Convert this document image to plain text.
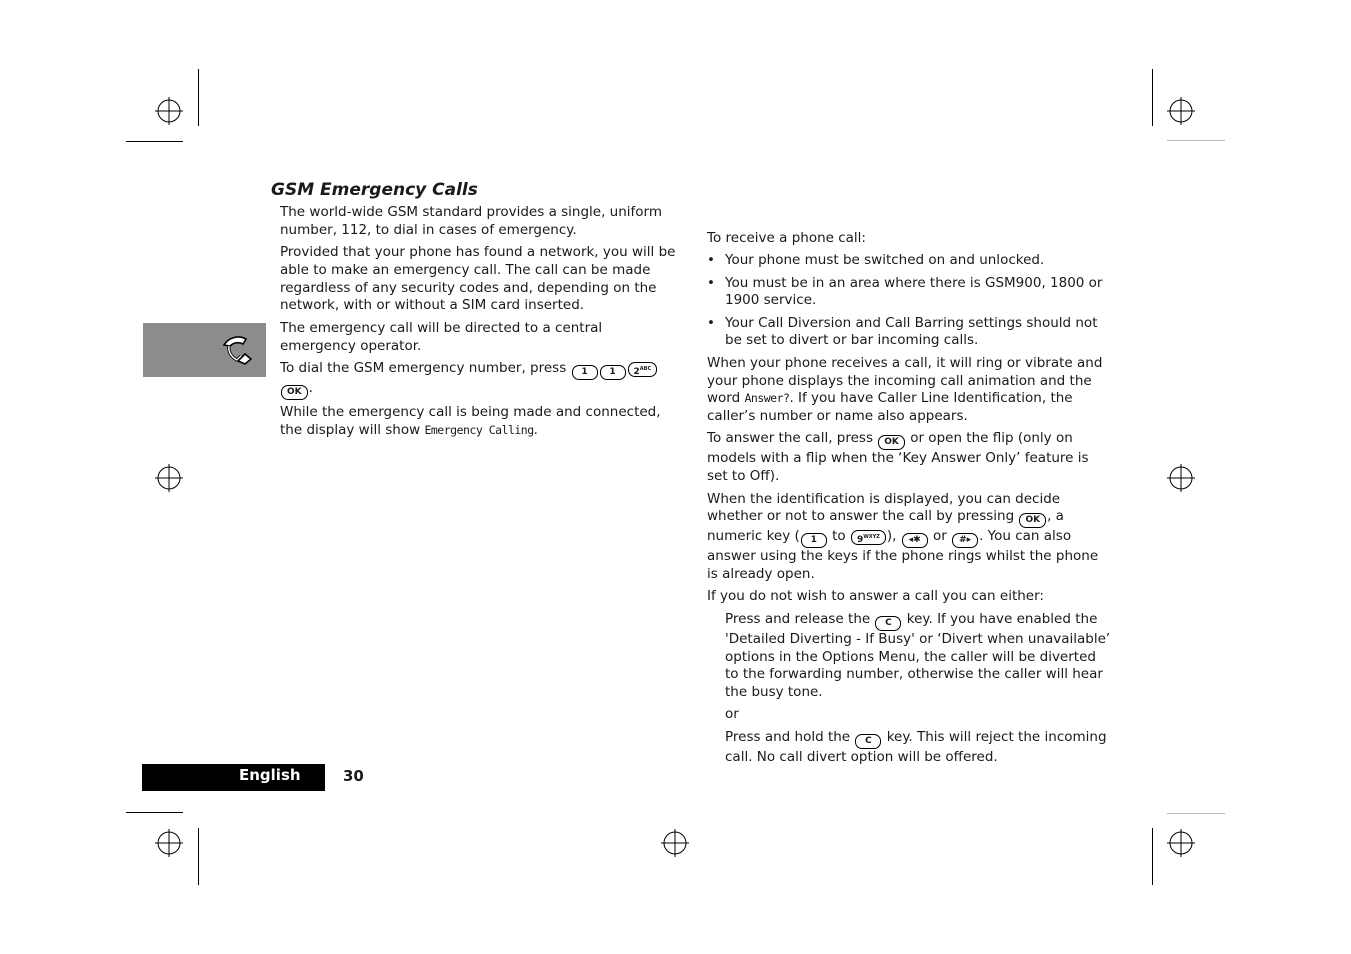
GSM Emergency Calls

The world-wide GSM standard provides a single, uniform number, 112, to dial in cases of emergency.

Provided that your phone has found a network, you will be able to make an emergency call. The call can be made regardless of any security codes and, depending on the network, with or without a SIM card inserted.

The emergency call will be directed to a central emergency operator.

To dial the GSM emergency number, press 1 1 $2^{ABC}OK$ .

While the emergency call is being made and connected, the display will show Emergency Calling.

To receive a phone call:

• Your phone must be switched on and unlocked.

• You must be in an area where there is GSM900, 1800 or 1900 service.

• Your Call Diversion and Call Barring settings should not be set to divert or bar incoming calls.

When your phone receives a call, it will ring or vibrate and your phone displays the incoming call animation and the word Answer?. If you have Caller Line Identification, the caller’s number or name also appears.

To answer the call, press OK or open the flip (only on models with a flip when the ‘Key Answer Only’ feature is set to Off).

When the identification is displayed, you can decide whether or not to answer the call by pressing OK , a numeric key ( 1 to $9^{WXYZ}$ ), ◂✱ or #▸ . You can also answer using the keys if the phone rings whilst the phone is already open.

If you do not wish to answer a call you can either:

Press and release the C key. If you have enabled the 'Detailed Diverting - If Busy' or ‘Divert when unavailable’ options in the Options Menu, the caller will be diverted to the forwarding number, otherwise the caller will hear the busy tone.

or

Press and hold the C key. This will reject the incoming call. No call divert option will be offered.

English	30
